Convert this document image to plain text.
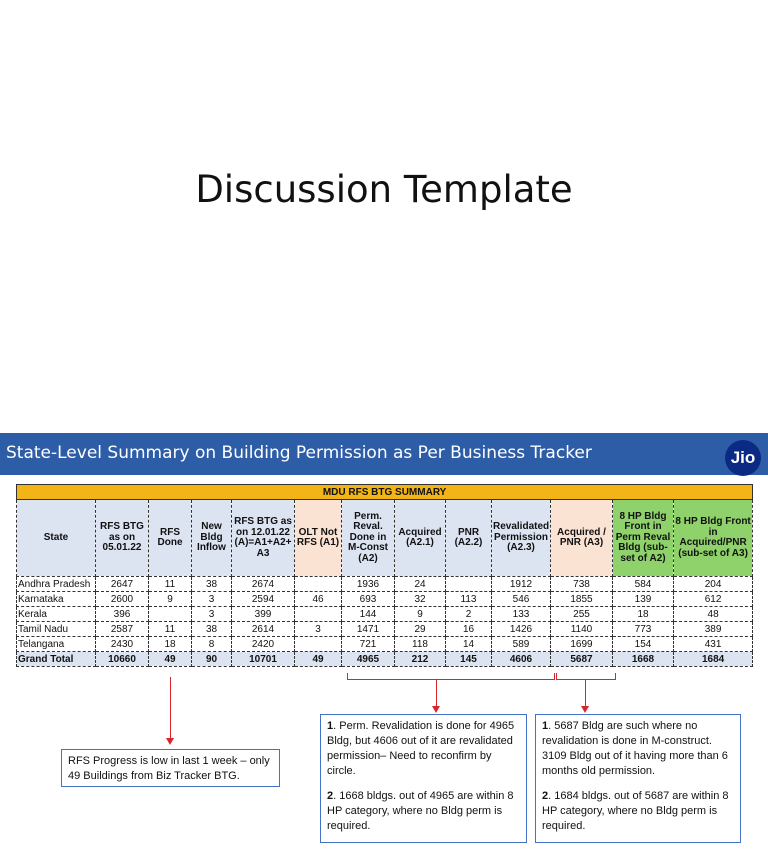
Discussion Template
State-Level Summary on Building Permission as Per Business Tracker	Jio
MDU RFS BTG SUMMARY												
State	RFS BTG as on 05.01.22	RFS Done	New Bldg Inflow	RFS BTG as on 12.01.22 (A)=A1+A2+ A3	OLT Not RFS (A1)	Perm. Reval. Done in M-Const (A2)	Acquired (A2.1)	PNR (A2.2)	Revalidated Permission (A2.3)	Acquired / PNR (A3)	8 HP Bldg Front in Perm Reval Bldg (sub-set of A2)	8 HP Bldg Front in Acquired/PNR (sub-set of A3)
Andhra Pradesh	2647	11	38	2674		1936	24		1912	738	584	204
Karnataka	2600	9	3	2594	46	693	32	113	546	1855	139	612
Kerala	396		3	399		144	9	2	133	255	18	48
Tamil Nadu	2587	11	38	2614	3	1471	29	16	1426	1140	773	389
Telangana	2430	18	8	2420		721	118	14	589	1699	154	431
Grand Total	10660	49	90	10701	49	4965	212	145	4606	5687	1668	1684

RFS Progress is low in last 1 week – only 49 Buildings from Biz Tracker BTG.

1. Perm. Revalidation is done for 4965 Bldg, but 4606 out of it are revalidated permission– Need to reconfirm by circle.

2. 1668 bldgs. out of 4965 are within 8 HP category, where no Bldg perm is required.

1. 5687 Bldg are such where no revalidation is done in M-construct. 3109 Bldg out of it having more than 6 months old permission.

2. 1684 bldgs. out of 5687 are within 8 HP category, where no Bldg perm is required.
